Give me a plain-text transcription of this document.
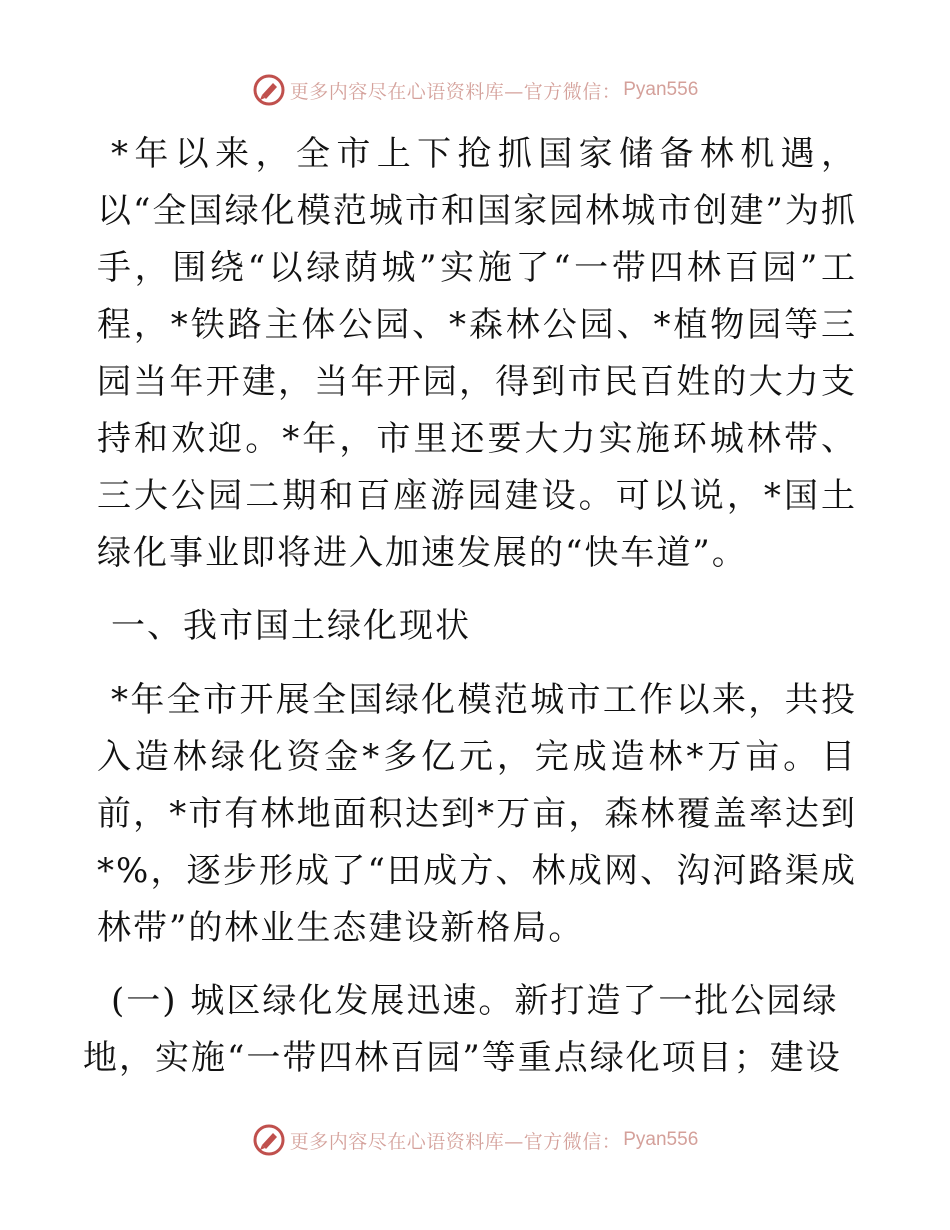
更多内容尽在心语资料库—官方微信： Pyan556

*年以来，全市上下抢抓国家储备林机遇，以“全国绿化模范城市和国家园林城市创建”为抓手，围绕“以绿荫城”实施了“一带四林百园”工程，*铁路主体公园、*森林公园、*植物园等三园当年开建，当年开园，得到市民百姓的大力支持和欢迎。*年，市里还要大力实施环城林带、三大公园二期和百座游园建设。可以说，*国土绿化事业即将进入加速发展的“快车道”。

一、我市国土绿化现状

*年全市开展全国绿化模范城市工作以来，共投入造林绿化资金*多亿元，完成造林*万亩。目前，*市有林地面积达到*万亩，森林覆盖率达到*%，逐步形成了“田成方、林成网、沟河路渠成林带”的林业生态建设新格局。

(一) 城区绿化发展迅速。新打造了一批公园绿
地，实施“一带四林百园”等重点绿化项目；建设

更多内容尽在心语资料库—官方微信： Pyan556
